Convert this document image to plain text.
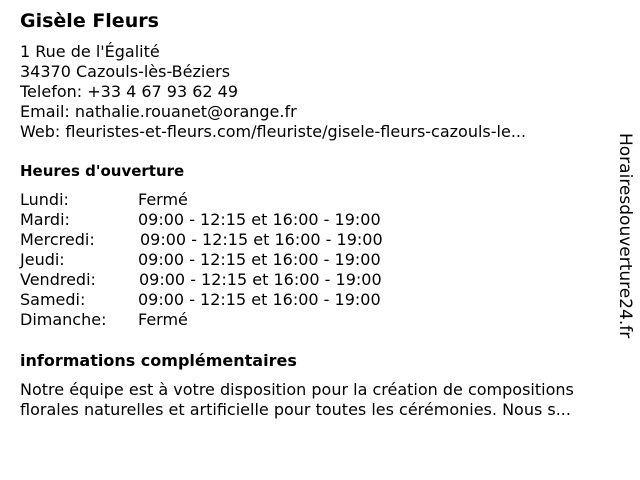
Gisèle Fleurs
1 Rue de l'Égalité
34370 Cazouls-lès-Béziers
Telefon: +33 4 67 93 62 49
Email: nathalie.rouanet@orange.fr
Web: fleuristes-et-fleurs.com/fleuriste/gisele-fleurs-cazouls-le...
Heures d'ouverture
Lundi:	Fermé
Mardi:	09:00 - 12:15 et 16:00 - 19:00
Mercredi:	09:00 - 12:15 et 16:00 - 19:00
Jeudi:	09:00 - 12:15 et 16:00 - 19:00
Vendredi:	09:00 - 12:15 et 16:00 - 19:00
Samedi:	09:00 - 12:15 et 16:00 - 19:00
Dimanche:	Fermé
informations complémentaires
Notre équipe est à votre disposition pour la création de compositions florales naturelles et artificielle pour toutes les cérémonies. Nous s...
Horairesdouverture24.fr
